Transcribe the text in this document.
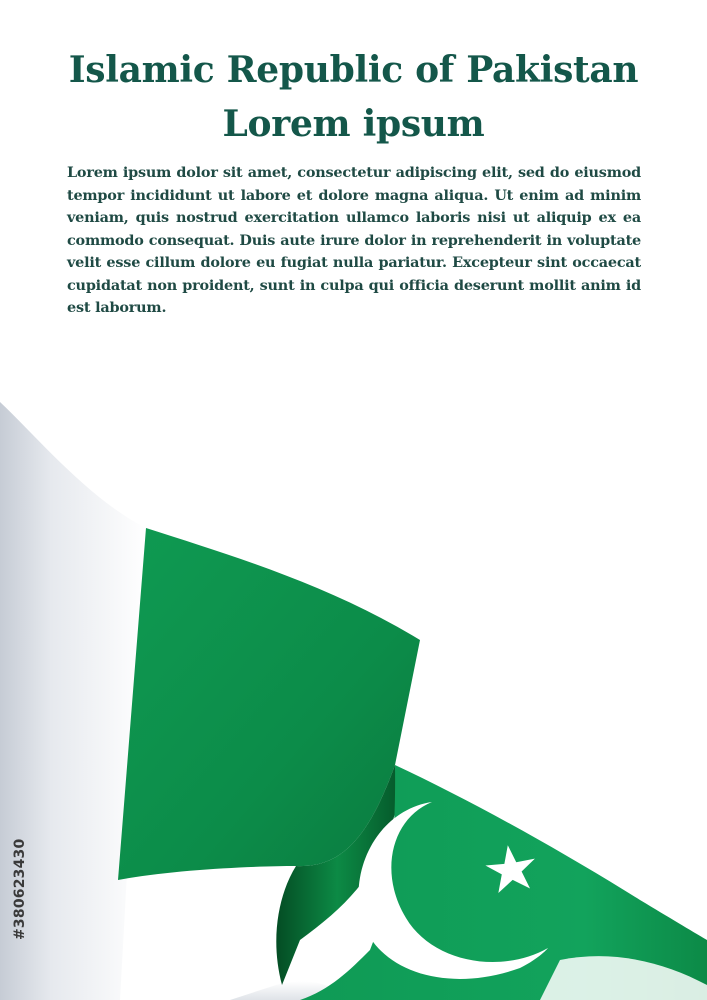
Islamic Republic of Pakistan
Lorem ipsum

Lorem ipsum dolor sit amet, consectetur adipiscing elit, sed do eiusmod tempor incididunt ut labore et dolore magna aliqua. Ut enim ad minim veniam, quis nostrud exercitation ullamco laboris nisi ut aliquip ex ea commodo consequat. Duis aute irure dolor in reprehenderit in voluptate velit esse cillum dolore eu fugiat nulla pariatur. Excepteur sint occaecat cupidatat non proident, sunt in culpa qui officia deserunt mollit anim id est laborum.

#380623430
